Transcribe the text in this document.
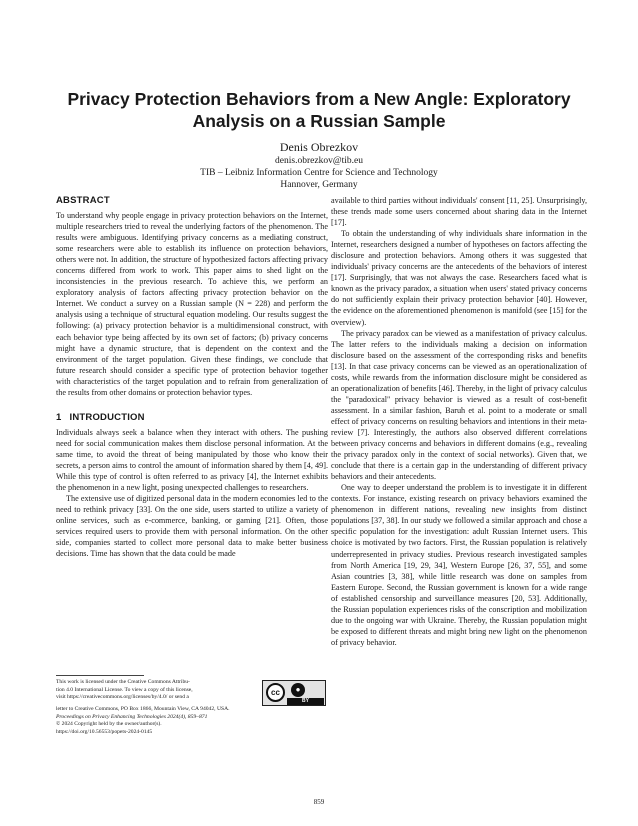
Privacy Protection Behaviors from a New Angle: Exploratory
Analysis on a Russian Sample
Denis Obrezkov
denis.obrezkov@tib.eu
TIB – Leibniz Information Centre for Science and Technology
Hannover, Germany
ABSTRACT

To understand why people engage in privacy protection behaviors on the Internet, multiple researchers tried to reveal the underlying factors of the phenomenon. The results were ambiguous. Identifying privacy concerns as a mediating construct, some researchers were able to establish its influence on protection behaviors, others were not. In addition, the structure of hypothesized factors affecting privacy concerns differed from work to work. This paper aims to shed light on the inconsistencies in the previous research. To achieve this, we perform an exploratory analysis of factors affecting privacy protection behavior on the Internet. We conduct a survey on a Russian sample (N = 228) and perform the analysis using a technique of structural equation modeling. Our results suggest the following: (a) privacy protection behavior is a multidimensional construct, with each behavior type being affected by its own set of factors; (b) privacy concerns might have a dynamic structure, that is dependent on the context and the environment of the target population. Given these findings, we conclude that future research should consider a specific type of protection behavior together with characteristics of the target population and to refrain from generalization of the results from other domains or protection behavior types.

1 INTRODUCTION

Individuals always seek a balance when they interact with others. The pushing need for social communication makes them disclose personal information. At the same time, to avoid the threat of being manipulated by those who know their secrets, a person aims to control the amount of information shared by them [4, 49]. While this type of control is often referred to as privacy [4], the Internet exhibits the phenomenon in a new light, posing unexpected challenges to researchers.

The extensive use of digitized personal data in the modern economies led to the need to rethink privacy [33]. On the one side, users started to utilize a variety of online services, such as e-commerce, banking, or gaming [21]. Often, those services required users to provide them with personal information. On the other side, companies started to collect more personal data to make better business decisions. Time has shown that the data could be made

available to third parties without individuals' consent [11, 25]. Unsurprisingly, these trends made some users concerned about sharing data in the Internet [17].

To obtain the understanding of why individuals share information in the Internet, researchers designed a number of hypotheses on factors affecting the disclosure and protection behaviors. Among others it was suggested that individuals' privacy concerns are the antecedents of the behaviors of interest [17]. Surprisingly, that was not always the case. Researchers faced what is known as the privacy paradox, a situation when users' stated privacy concerns do not sufficiently explain their privacy protection behavior [40]. However, the evidence on the aforementioned phenomenon is manifold (see [15] for the overview).

The privacy paradox can be viewed as a manifestation of privacy calculus. The latter refers to the individuals making a decision on information disclosure based on the assessment of the corresponding risks and benefits [13]. In that case privacy concerns can be viewed as an operationalization of costs, while rewards from the information disclosure might be considered as an operationalization of benefits [46]. Thereby, in the light of privacy calculus the "paradoxical" privacy behavior is viewed as a result of cost-benefit assessment. In a similar fashion, Baruh et al. point to a moderate or small effect of privacy concerns on resulting behaviors and intentions in their meta-review [7]. Interestingly, the authors also observed different correlations between privacy concerns and behaviors in different domains (e.g., revealing the privacy paradox only in the context of social networks). Given that, we conclude that there is a certain gap in the understanding of different privacy behaviors and their antecedents.

One way to deeper understand the problem is to investigate it in different contexts. For instance, existing research on privacy behaviors examined the phenomenon in different nations, revealing new insights from distinct populations [37, 38]. In our study we followed a similar approach and chose a specific population for the investigation: adult Russian Internet users. This choice is motivated by two factors. First, the Russian population is relatively underrepresented in privacy studies. Previous research investigated samples from North America [19, 29, 34], Western Europe [26, 37, 55], and some Asian countries [3, 38], while little research was done on samples from Eastern Europe. Second, the Russian government is known for a wide range of established censorship and surveillance measures [20, 53]. Additionally, the Russian population experiences risks of the conscription and mobilization due to the ongoing war with Ukraine. Thereby, the Russian population might be exposed to different threats and might bring new light on the phenomenon of privacy behavior.

This work is licensed under the Creative Commons Attribu-
tion 4.0 International License. To view a copy of this license,
visit https://creativecommons.org/licenses/by/4.0/ or send a	cc	●
BY
letter to Creative Commons, PO Box 1866, Mountain View, CA 94042, USA.
Proceedings on Privacy Enhancing Technologies 2024(4), 859–871
© 2024 Copyright held by the owner/author(s).
https://doi.org/10.56553/popets-2024-0145
859
